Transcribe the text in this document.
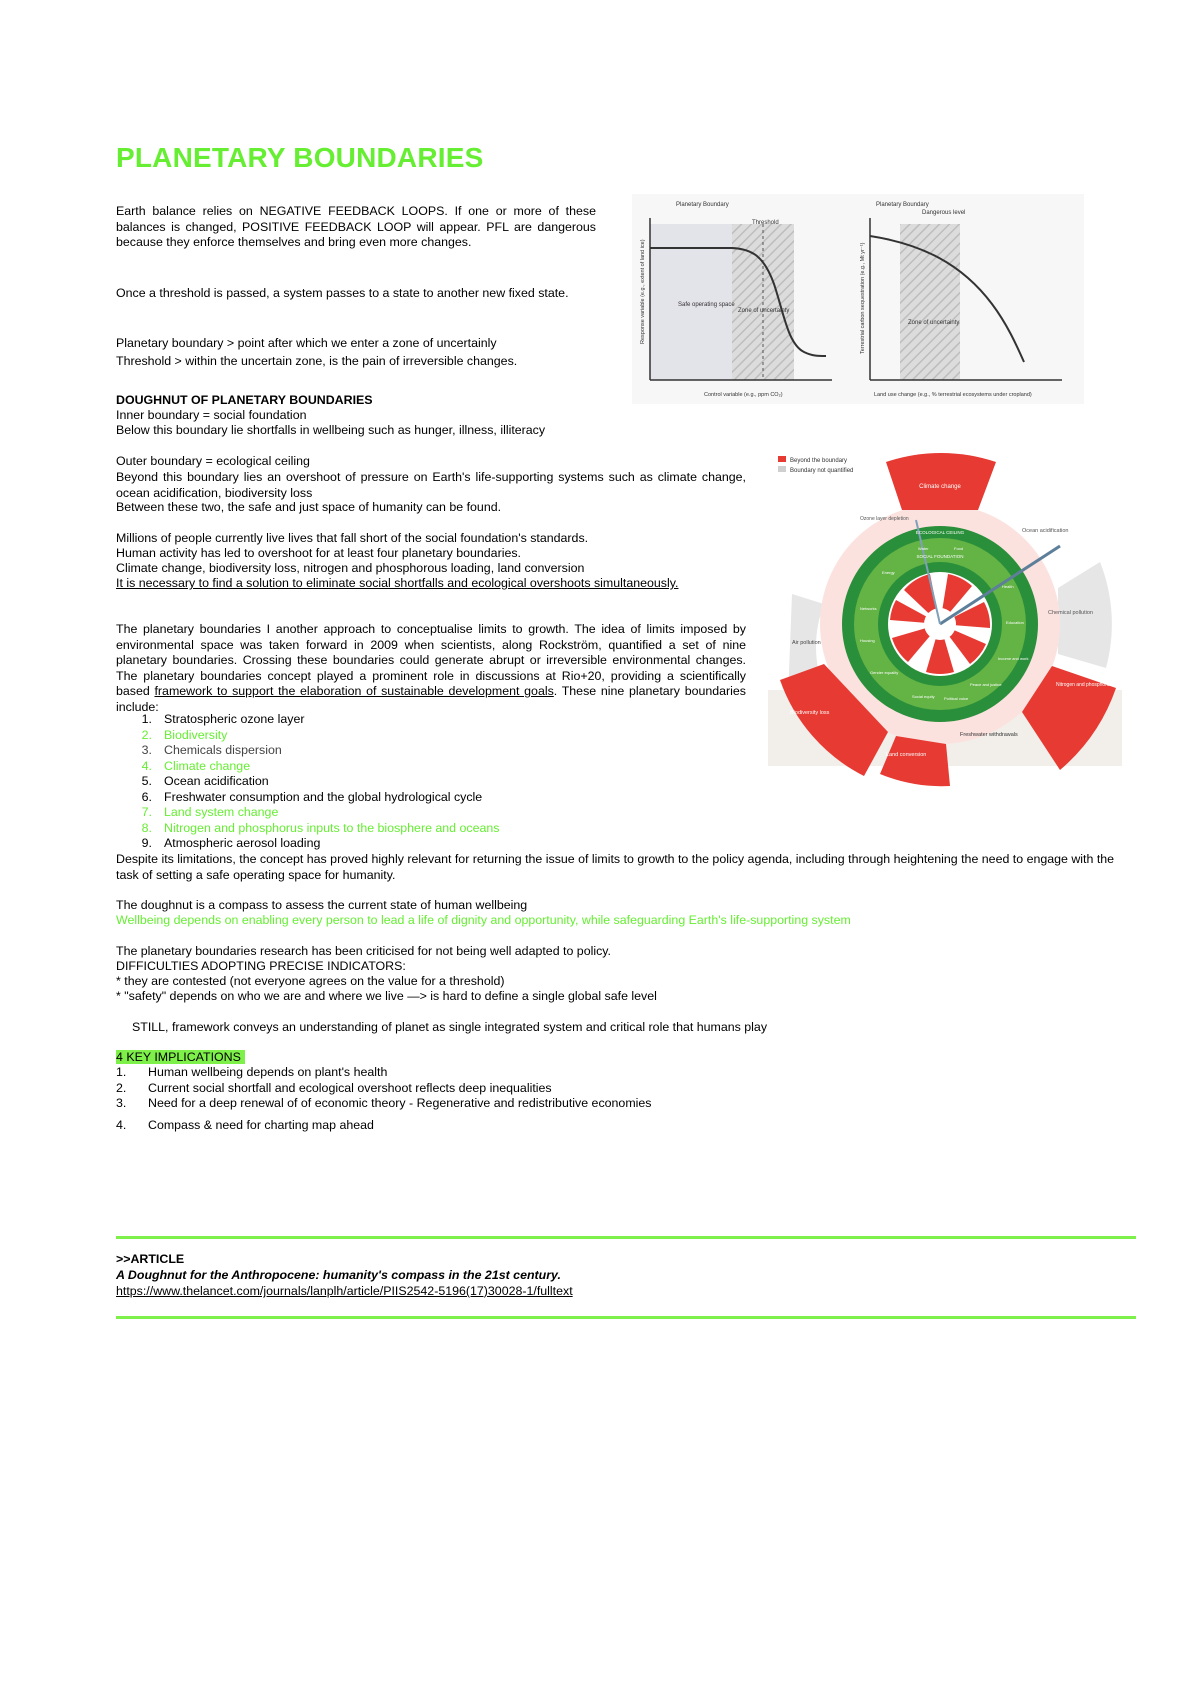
PLANETARY BOUNDARIES
Earth balance relies on NEGATIVE FEEDBACK LOOPS. If one or more of these balances is changed, POSITIVE FEEDBACK LOOP will appear. PFL are dangerous because they enforce themselves and bring even more changes.
Once a threshold is passed, a system passes to a state to another new fixed state.
Planetary boundary > point after which we enter a zone of uncertainly
Threshold > within the uncertain zone, is the pain of irreversible changes.
Planetary Boundary
Threshold
Safe operating space
Zone of uncertainty
Control variable (e.g., ppm CO₂)
Response variable (e.g., extent of land ice)
Planetary Boundary
Dangerous level
Zone of uncertainty
Land use change (e.g., % terrestrial ecosystems under cropland)
Terrestrial carbon sequestration (e.g., Mt yr⁻¹)
DOUGHNUT OF PLANETARY BOUNDARIES
Inner boundary = social foundation
Below this boundary lie shortfalls in wellbeing such as hunger, illness, illiteracy
Outer boundary = ecological ceiling
Beyond this boundary lies an overshoot of pressure on Earth's life-supporting systems such as climate change, ocean acidification, biodiversity loss
Between these two, the safe and just space of humanity can be found.
Millions of people currently live lives that fall short of the social foundation's standards.
Human activity has led to overshoot for at least four planetary boundaries.
Climate change, biodiversity loss, nitrogen and phosphorous loading, land conversion
It is necessary to find a solution to eliminate social shortfalls and ecological overshoots simultaneously.
The planetary boundaries I another approach to conceptualise limits to growth. The idea of limits imposed by environmental space was taken forward in 2009 when scientists, along Rockström, quantified a set of nine planetary boundaries. Crossing these boundaries could generate abrupt or irreversible environmental changes. The planetary boundaries concept played a prominent role in discussions at Rio+20, providing a scientifically based framework to support the elaboration of sustainable development goals. These nine planetary boundaries include:
Beyond the boundary
Boundary not quantified
Climate change
ECOLOGICAL CEILING
SOCIAL FOUNDATION
Ocean acidification
Chemical pollution
Nitrogen and phosphorus loading
Freshwater withdrawals
Land conversion
Biodiversity loss
Air pollution
Ozone layer depletion
Water	Food
Health
Education
Income and work
Peace and justice
Political voice
Social equity
Gender equality
Housing
Networks
Energy
1. Stratospheric ozone layer
2. Biodiversity
3. Chemicals dispersion
4. Climate change
5. Ocean acidification
6. Freshwater consumption and the global hydrological cycle
7. Land system change
8. Nitrogen and phosphorus inputs to the biosphere and oceans
9. Atmospheric aerosol loading
Despite its limitations, the concept has proved highly relevant for returning the issue of limits to growth to the policy agenda, including through heightening the need to engage with the task of setting a safe operating space for humanity.
The doughnut is a compass to assess the current state of human wellbeing
Wellbeing depends on enabling every person to lead a life of dignity and opportunity, while safeguarding Earth's life-supporting system
The planetary boundaries research has been criticised for not being well adapted to policy.
DIFFICULTIES ADOPTING PRECISE INDICATORS:
* they are contested (not everyone agrees on the value for a threshold)
* "safety" depends on who we are and where we live —> is hard to define a single global safe level
STILL, framework conveys an understanding of planet as single integrated system and critical role that humans play
4 KEY IMPLICATIONS
1.	Human wellbeing depends on plant's health
2.	Current social shortfall and ecological overshoot reflects deep inequalities
3.	Need for a deep renewal of of economic theory - Regenerative and redistributive economies
4.	Compass & need for charting map ahead
>>ARTICLE
A Doughnut for the Anthropocene: humanity's compass in the 21st century.
https://www.thelancet.com/journals/lanplh/article/PIIS2542-5196(17)30028-1/fulltext
